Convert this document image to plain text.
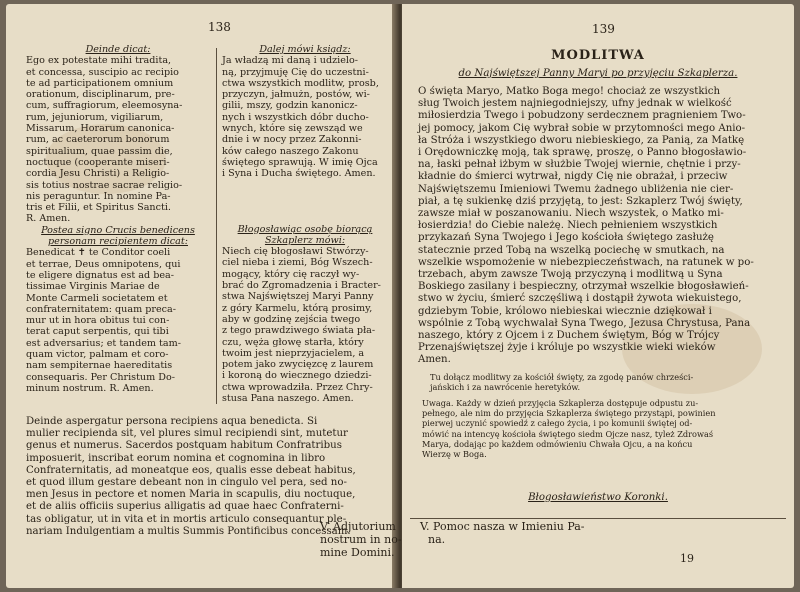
138

Deinde dicat:

Ego ex potestate mihi tradita,
et concessa, suscipio ac recipio
te ad participationem omnium
orationum, disciplinarum, pre-
cum, suffragiorum, eleemosyna-
rum, jejuniorum, vigiliarum,
Missarum, Horarum canonica-
rum, ac caeterorum bonorum
spiritualium, quae passim die,
noctuque (cooperante miseri-
cordia Jesu Christi) a Religio-
sis totius nostrae sacrae religio-
nis peraguntur. In nomine Pa-
tris et Filii, et Spiritus Sancti.
R. Amen.

Postea signo Crucis benedicens
personam recipientem dicat:

Benedicat ✝ te Conditor coeli
et terrae, Deus omnipotens, qui
te eligere dignatus est ad bea-
tissimae Virginis Mariae de
Monte Carmeli societatem et
confraternitatem: quam preca-
mur ut in hora obitus tui con-
terat caput serpentis, qui tibi
est adversarius; et tandem tam-
quam victor, palmam et coro-
nam sempiternae haereditatis
consequaris. Per Christum Do-
minum nostrum. R. Amen.

Dalej mówi ksiądz:

Ja władzą mi daną i udzielo-
ną, przyjmuję Cię do uczestni-
ctwa wszystkich modlitw, prosb,
przyczyn, jałmużn, postów, wi-
gilii, mszy, godzin kanonicz-
nych i wszystkich dóbr ducho-
wnych, które się zewsząd we
dnie i w nocy przez Zakonni-
ków całego naszego Zakonu
świętego sprawują. W imię Ojca
i Syna i Ducha świętego. Amen.

Błogosławiąc osobę biorącą
Szkaplerz mówi:

Niech cię błogosławi Stwórzy-
ciel nieba i ziemi, Bóg Wszech-
mogący, który cię raczył wy-
brać do Zgromadzenia i Bracter-
stwa Najświętszej Maryi Panny
z góry Karmelu, którą prosimy,
aby w godzinę zejścia twego
z tego prawdziwego świata pła-
czu, węża głowę starła, który
twoim jest nieprzyjacielem, a
potem jako zwycięzcę z laurem
i koroną do wiecznego dziedzi-
ctwa wprowadziła. Przez Chry-
stusa Pana naszego. Amen.

Deinde aspergatur persona recipiens aqua benedicta. Si
mulier recipienda sit, vel plures simul recipiendi sint, mutetur
genus et numerus. Sacerdos postquam habitum Confratribus
imposuerit, inscribat eorum nomina et cognomina in libro
Confraternitatis, ad moneatque eos, qualis esse debeat habitus,
et quod illum gestare debeant non in cingulo vel pera, sed no-
men Jesus in pectore et nomen Maria in scapulis, diu noctuque,
et de aliis officiis superius alligatis ad quae haec Confraterni-
tas obligatur, ut in vita et in mortis articulo consequantur ple-
nariam Indulgentiam a multis Summis Pontificibus concessam.
139
MODLITWA
do Najświętszej Panny Maryi po przyjęciu Szkaplerza.
O święta Maryo, Matko Boga mego! chociaż ze wszystkich
sług Twoich jestem najniegodniejszy, ufny jednak w wielkość
miłosierdzia Twego i pobudzony serdecznem pragnieniem Two-
jej pomocy, jakom Cię wybrał sobie w przytomności mego Anio-
ła Stróża i wszystkiego dworu niebieskiego, za Panią, za Matkę
i Orędowniczkę moją, tak sprawę, proszę, o Panno błogosławio-
na, łaski pełnał iżbym w służbie Twojej wiernie, chętnie i przy-
kładnie do śmierci wytrwał, nigdy Cię nie obrażał, i przeciw
Najświętszemu Imieniowi Twemu żadnego ubliżenia nie cier-
piał, a tę sukienkę dziś przyjętą, to jest: Szkaplerz Twój święty,
zawsze miał w poszanowaniu. Niech wszystek, o Matko mi-
łosierdzia! do Ciebie należę. Niech pełnieniem wszystkich
przykazań Syna Twojego i Jego kościoła świętego zasłużę
statecznie przed Tobą na wszelką pociechę w smutkach, na
wszelkie wspomożenie w niebezpieczeństwach, na ratunek w po-
trzebach, abym zawsze Twoją przyczyną i modlitwą u Syna
Boskiego zasilany i bespieczny, otrzymał wszelkie błogosławień-
stwo w życiu, śmierć szczęśliwą i dostąpił żywota wiekuistego,
gdziebym Tobie, królowo niebieskai wiecznie dziękował i
wspólnie z Tobą wychwalał Syna Twego, Jezusa Chrystusa, Pana
naszego, który z Ojcem i z Duchem świętym, Bóg w Trójcy
Przenajświętszej żyje i króluje po wszystkie wieki wieków
Amen.
Tu dołącz modlitwy za kościół święty, za zgodę panów chrześci-
jańskich i za nawrócenie heretyków.
Uwaga. Każdy w dzień przyjęcia Szkaplerza dostępuje odpustu zu-
pełnego, ale nim do przyjęcia Szkaplerza świętego przystąpi, powinien
pierwej uczynić spowiedź z całego życia, i po komunii świętej od-
mówić na intencyę kościoła świętego siedm Ojcze nasz, tyleż Zdrowaś
Marya, dodając po każdem odmówieniu Chwała Ojcu, a na końcu
Wierzę w Boga.
Błogosławieństwo Koronki.
V. Adjutorium nostrum in no-
mine Domini.
V. Pomoc nasza w Imieniu Pa-
na.
19
